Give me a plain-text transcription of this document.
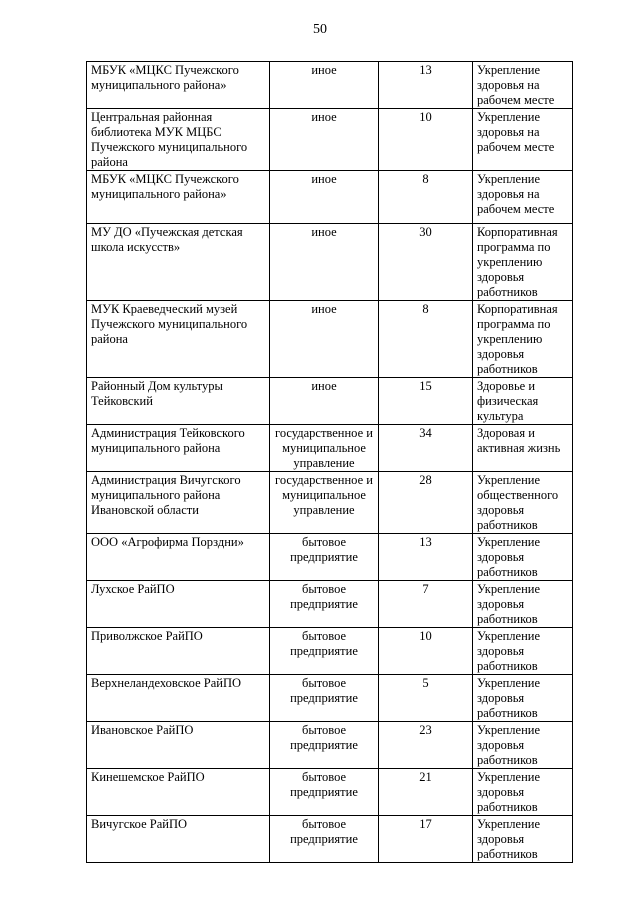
50
МБУК «МЦКС Пучежского муниципального района»	иное	13	Укрепление здоровья на рабочем месте
Центральная районная библиотека МУК МЦБС Пучежского муниципального района	иное	10	Укрепление здоровья на рабочем месте
МБУК «МЦКС Пучежского муниципального района»	иное	8	Укрепление здоровья на рабочем месте
МУ ДО «Пучежская детская школа искусств»	иное	30	Корпоративная программа по укреплению здоровья работников
МУК Краеведческий музей Пучежского муниципального района	иное	8	Корпоративная программа по укреплению здоровья работников
Районный Дом культуры Тейковский	иное	15	Здоровье и физическая культура
Администрация Тейковского муниципального района	государственное и муниципальное управление	34	Здоровая и активная жизнь
Администрация Вичугского муниципального района Ивановской области	государственное и муниципальное управление	28	Укрепление общественного здоровья работников
ООО «Агрофирма Порздни»	бытовое предприятие	13	Укрепление здоровья работников
Лухское РайПО	бытовое предприятие	7	Укрепление здоровья работников
Приволжское РайПО	бытовое предприятие	10	Укрепление здоровья работников
Верхнеландеховское РайПО	бытовое предприятие	5	Укрепление здоровья работников
Ивановское РайПО	бытовое предприятие	23	Укрепление здоровья работников
Кинешемское РайПО	бытовое предприятие	21	Укрепление здоровья работников
Вичугское РайПО	бытовое предприятие	17	Укрепление здоровья работников
